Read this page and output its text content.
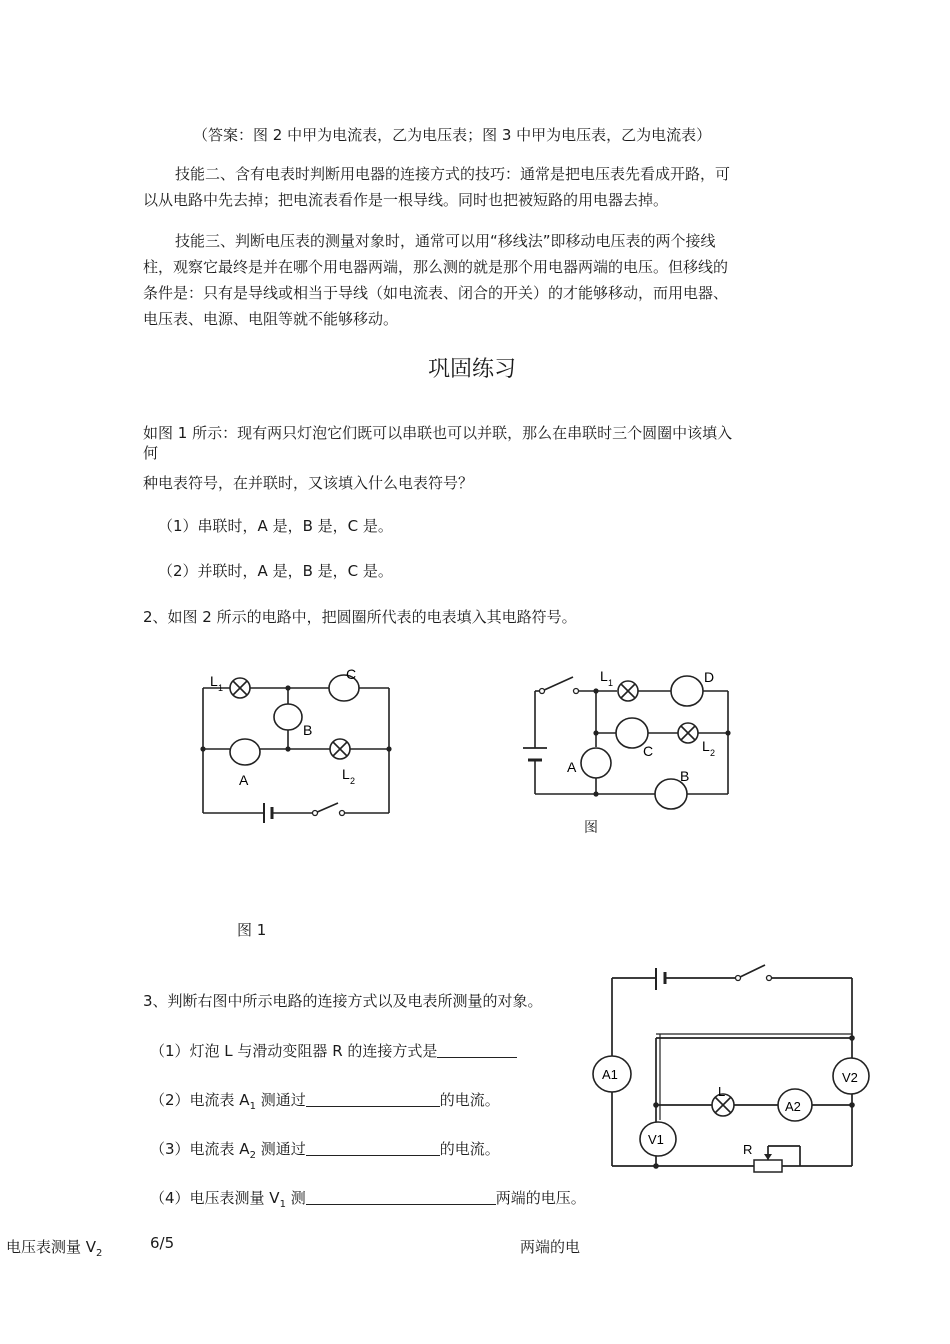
（答案：图 2 中甲为电流表，乙为电压表；图 3 中甲为电压表，乙为电流表）
技能二、含有电表时判断用电器的连接方式的技巧：通常是把电压表先看成开路，可
以从电路中先去掉；把电流表看作是一根导线。同时也把被短路的用电器去掉。
技能三、判断电压表的测量对象时，通常可以用“移线法”即移动电压表的两个接线
柱，观察它最终是并在哪个用电器两端，那么测的就是那个用电器两端的电压。但移线的
条件是：只有是导线或相当于导线（如电流表、闭合的开关）的才能够移动，而用电器、
电压表、电源、电阻等就不能够移动。
巩固练习
如图 1 所示：现有两只灯泡它们既可以串联也可以并联，那么在串联时三个圆圈中该填入
何
种电表符号，在并联时，又该填入什么电表符号？
（1）串联时，A 是，B 是，C 是。
（2）并联时，A 是，B 是，C 是。
2、如图 2 所示的电路中，把圆圈所代表的电表填入其电路符号。
L 1
C
B
A	L 2
L 1	D
C	L 2
A
B
图
图 1
3、判断右图中所示电路的连接方式以及电表所测量的对象。
（1）灯泡 L 与滑动变阻器 R 的连接方式是
（2）电流表 $A_1$ 测通过	的电流。
（3）电流表 $A_2$ 测通过	的电流。
（4）电压表测量 $V_1$ 测	两端的电压。
A1	V2
A2
V1
L
R
电压表测量 $V_2$
6/5	两端的电
